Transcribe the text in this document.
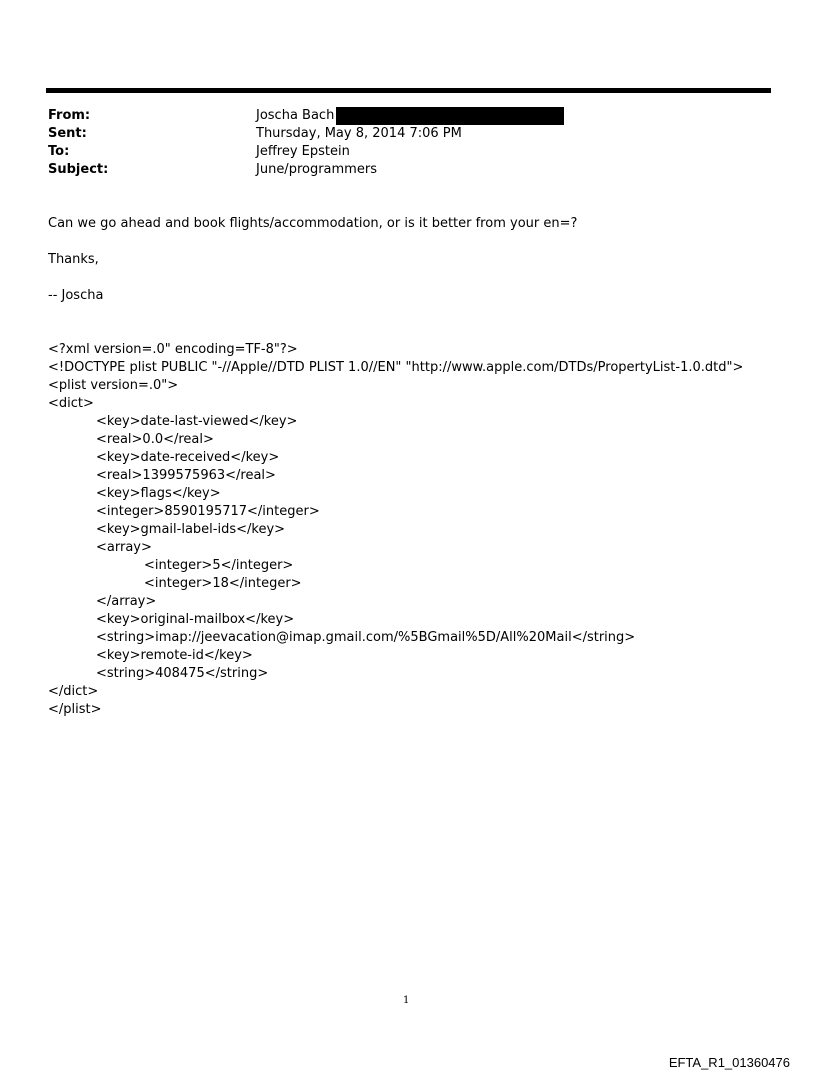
From:	Joscha Bach
Sent:	Thursday, May 8, 2014 7:06 PM
To:	Jeffrey Epstein
Subject:	June/programmers
Can we go ahead and book flights/accommodation, or is it better from your en=?
Thanks,
-- Joscha
<?xml version=.0" encoding=TF-8"?>
<!DOCTYPE plist PUBLIC "-//Apple//DTD PLIST 1.0//EN" "http://www.apple.com/DTDs/PropertyList-1.0.dtd">
<plist version=.0">
<dict>
<key>date-last-viewed</key>
<real>0.0</real>
<key>date-received</key>
<real>1399575963</real>
<key>flags</key>
<integer>8590195717</integer>
<key>gmail-label-ids</key>
<array>
<integer>5</integer>
<integer>18</integer>
</array>
<key>original-mailbox</key>
<string>imap://jeevacation@imap.gmail.com/%5BGmail%5D/All%20Mail</string>
<key>remote-id</key>
<string>408475</string>
</dict>
</plist>
1
EFTA_R1_01360476
